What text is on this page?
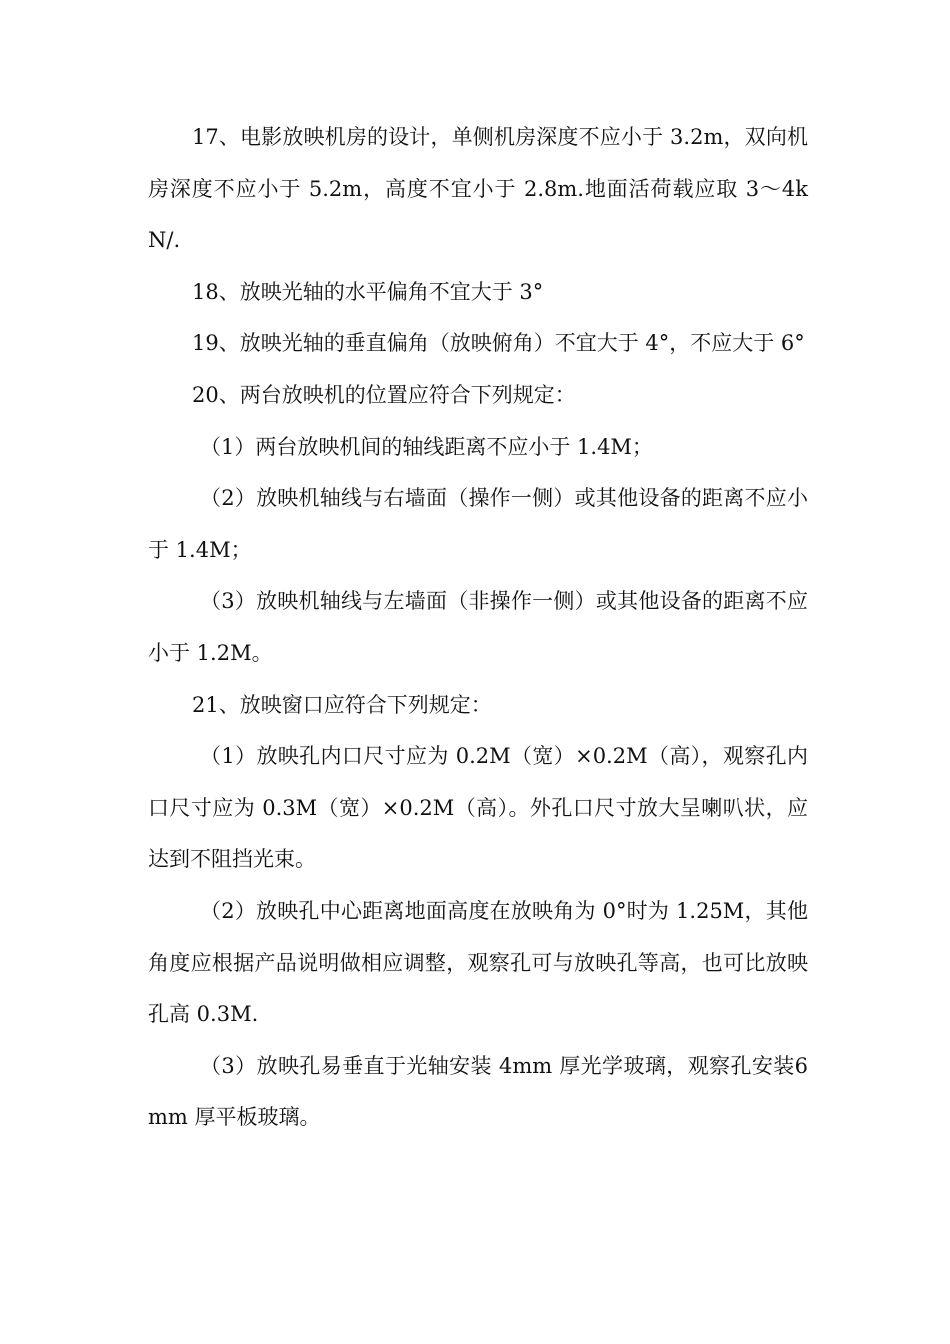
17、电影放映机房的设计，单侧机房深度不应小于 3.2m，双向机房深度不应小于 5.2m，高度不宜小于 2.8m.地面活荷载应取 3～4kN/.

18、放映光轴的水平偏角不宜大于 3°

19、放映光轴的垂直偏角（放映俯角）不宜大于 4°，不应大于 6°

20、两台放映机的位置应符合下列规定：

（1）两台放映机间的轴线距离不应小于 1.4M；

（2）放映机轴线与右墙面（操作一侧）或其他设备的距离不应小于 1.4M；

（3）放映机轴线与左墙面（非操作一侧）或其他设备的距离不应小于 1.2M。

21、放映窗口应符合下列规定：

（1）放映孔内口尺寸应为 0.2M（宽）×0.2M（高），观察孔内口尺寸应为 0.3M（宽）×0.2M（高）。外孔口尺寸放大呈喇叭状，应达到不阻挡光束。

（2）放映孔中心距离地面高度在放映角为 0°时为 1.25M，其他角度应根据产品说明做相应调整，观察孔可与放映孔等高，也可比放映孔高 0.3M.

（3）放映孔易垂直于光轴安装 4mm 厚光学玻璃，观察孔安装6mm 厚平板玻璃。
